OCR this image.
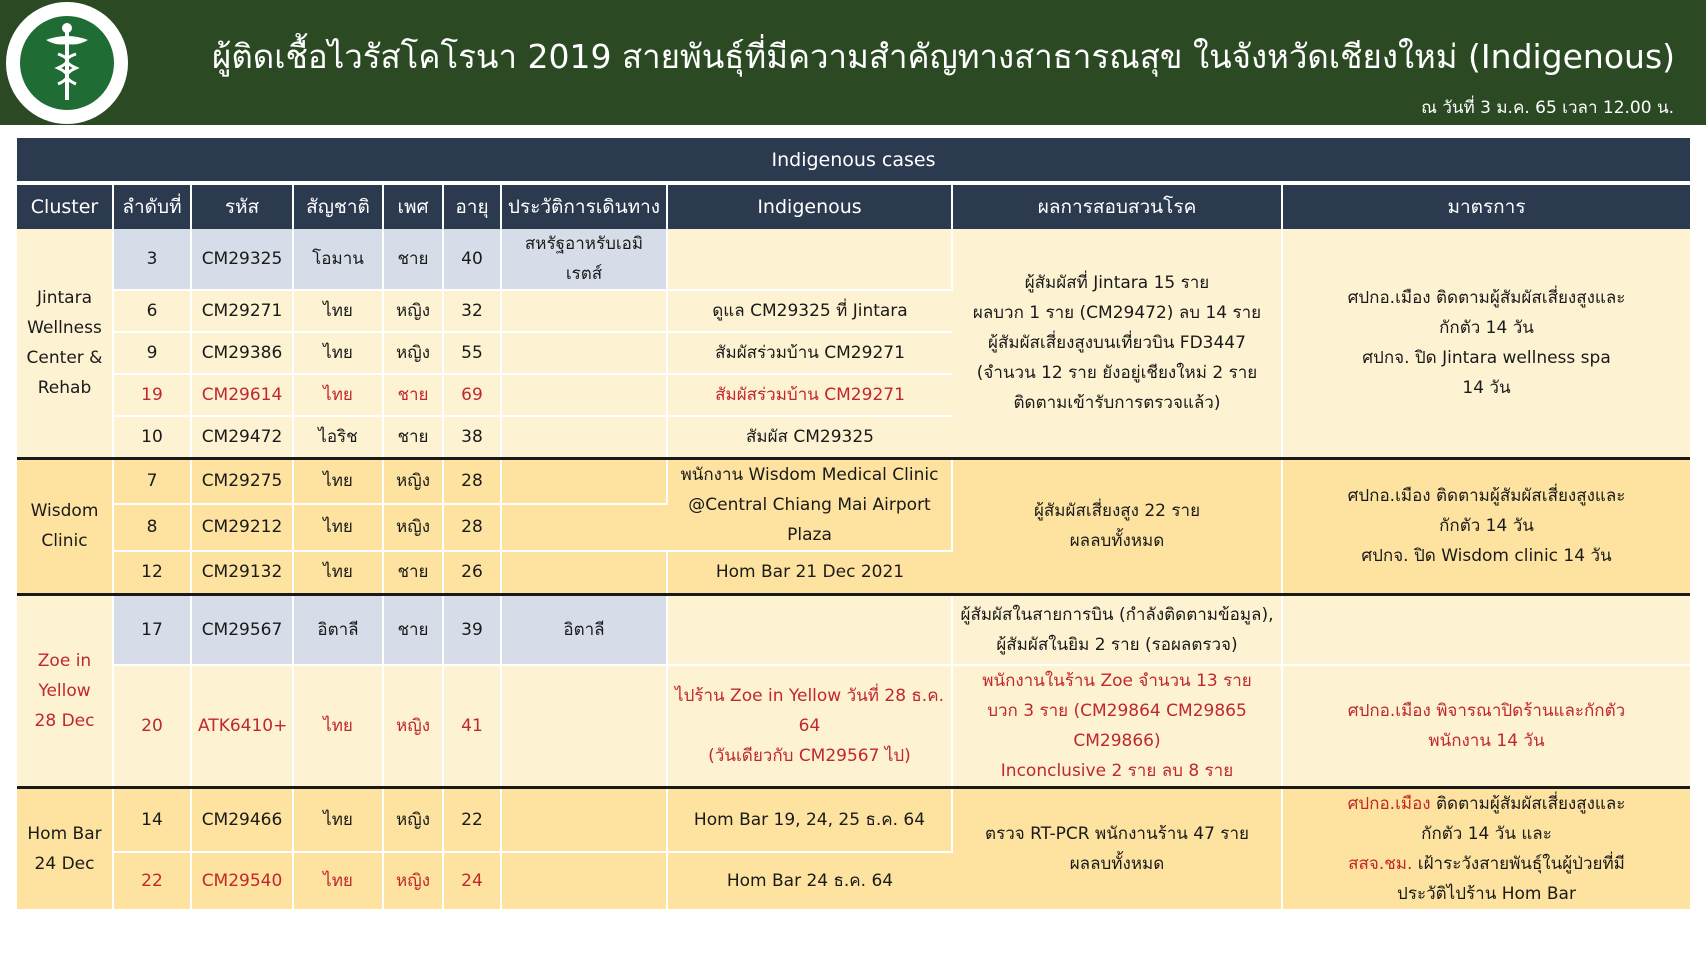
ผู้ติดเชื้อไวรัสโคโรนา 2019 สายพันธุ์ที่มีความสำคัญทางสาธารณสุข ในจังหวัดเชียงใหม่ (Indigenous)
ณ วันที่ 3 ม.ค. 65 เวลา 12.00 น.
Indigenous cases
Cluster	ลำดับที่	รหัส	สัญชาติ	เพศ	อายุ	ประวัติการเดินทาง	Indigenous	ผลการสอบสวนโรค	มาตรการ

Jintara
Wellness
Center &
Rehab	3	CM29325	โอมาน	ชาย	40	สหรัฐอาหรับเอมิเรตส์		ผู้สัมผัสที่ Jintara 15 ราย
ผลบวก 1 ราย (CM29472) ลบ 14 ราย
ผู้สัมผัสเสี่ยงสูงบนเที่ยวบิน FD3447
(จำนวน 12 ราย ยังอยู่เชียงใหม่ 2 ราย
ติดตามเข้ารับการตรวจแล้ว)	ศปกอ.เมือง ติดตามผู้สัมผัสเสี่ยงสูงและ
กักตัว 14 วัน
ศปกจ. ปิด Jintara wellness spa
14 วัน

	6	CM29271	ไทย	หญิง	32		ดูแล CM29325 ที่ Jintara		
	9	CM29386	ไทย	หญิง	55		สัมผัสร่วมบ้าน CM29271		
	19	CM29614	ไทย	ชาย	69		สัมผัสร่วมบ้าน CM29271		
	10	CM29472	ไอริช	ชาย	38		สัมผัส CM29325		

Wisdom
Clinic	7	CM29275	ไทย	หญิง	28		พนักงาน Wisdom Medical Clinic
@Central Chiang Mai Airport Plaza	ผู้สัมผัสเสี่ยงสูง 22 ราย
ผลลบทั้งหมด	ศปกอ.เมือง ติดตามผู้สัมผัสเสี่ยงสูงและ
กักตัว 14 วัน
ศปกจ. ปิด Wisdom clinic 14 วัน

	8	CM29212	ไทย	หญิง	28				
	12	CM29132	ไทย	ชาย	26		Hom Bar 21 Dec 2021		

Zoe in
Yellow
28 Dec	17	CM29567	อิตาลี	ชาย	39	อิตาลี		ผู้สัมผัสในสายการบิน (กำลังติดตามข้อมูล),
ผู้สัมผัสในยิม 2 ราย (รอผลตรวจ)	

	20	ATK6410+	ไทย	หญิง	41		ไปร้าน Zoe in Yellow วันที่ 28 ธ.ค. 64
(วันเดียวกับ CM29567 ไป)	พนักงานในร้าน Zoe จำนวน 13 ราย
บวก 3 ราย (CM29864 CM29865 CM29866)
Inconclusive 2 ราย ลบ 8 ราย	ศปกอ.เมือง พิจารณาปิดร้านและกักตัว
พนักงาน 14 วัน

Hom Bar
24 Dec	14	CM29466	ไทย	หญิง	22		Hom Bar 19, 24, 25 ธ.ค. 64	ตรวจ RT-PCR พนักงานร้าน 47 ราย
ผลลบทั้งหมด	ศปกอ.เมือง ติดตามผู้สัมผัสเสี่ยงสูงและ
กักตัว 14 วัน และ
สสจ.ชม. เฝ้าระวังสายพันธุ์ในผู้ป่วยที่มี
ประวัติไปร้าน Hom Bar

	22	CM29540	ไทย	หญิง	24		Hom Bar 24 ธ.ค. 64		
